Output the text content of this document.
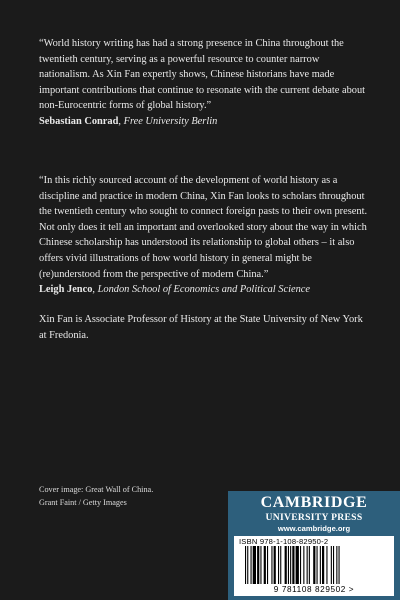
“World history writing has had a strong presence in China throughout the twentieth century, serving as a powerful resource to counter narrow nationalism. As Xin Fan expertly shows, Chinese historians have made important contributions that continue to resonate with the current debate about non-Eurocentric forms of global history.”

Sebastian Conrad, Free University Berlin

“In this richly sourced account of the development of world history as a discipline and practice in modern China, Xin Fan looks to scholars throughout the twentieth century who sought to connect foreign pasts to their own present. Not only does it tell an important and overlooked story about the way in which Chinese scholarship has understood its relationship to global others – it also offers vivid illustrations of how world history in general might be (re)understood from the perspective of modern China.”

Leigh Jenco, London School of Economics and Political Science

Xin Fan is Associate Professor of History at the State University of New York at Fredonia.

Cover image: Great Wall of China.
Grant Faint / Getty Images	CAMBRIDGE
UNIVERSITY PRESS
www.cambridge.org
ISBN 978-1-108-82950-2
9 781108 829502 >
